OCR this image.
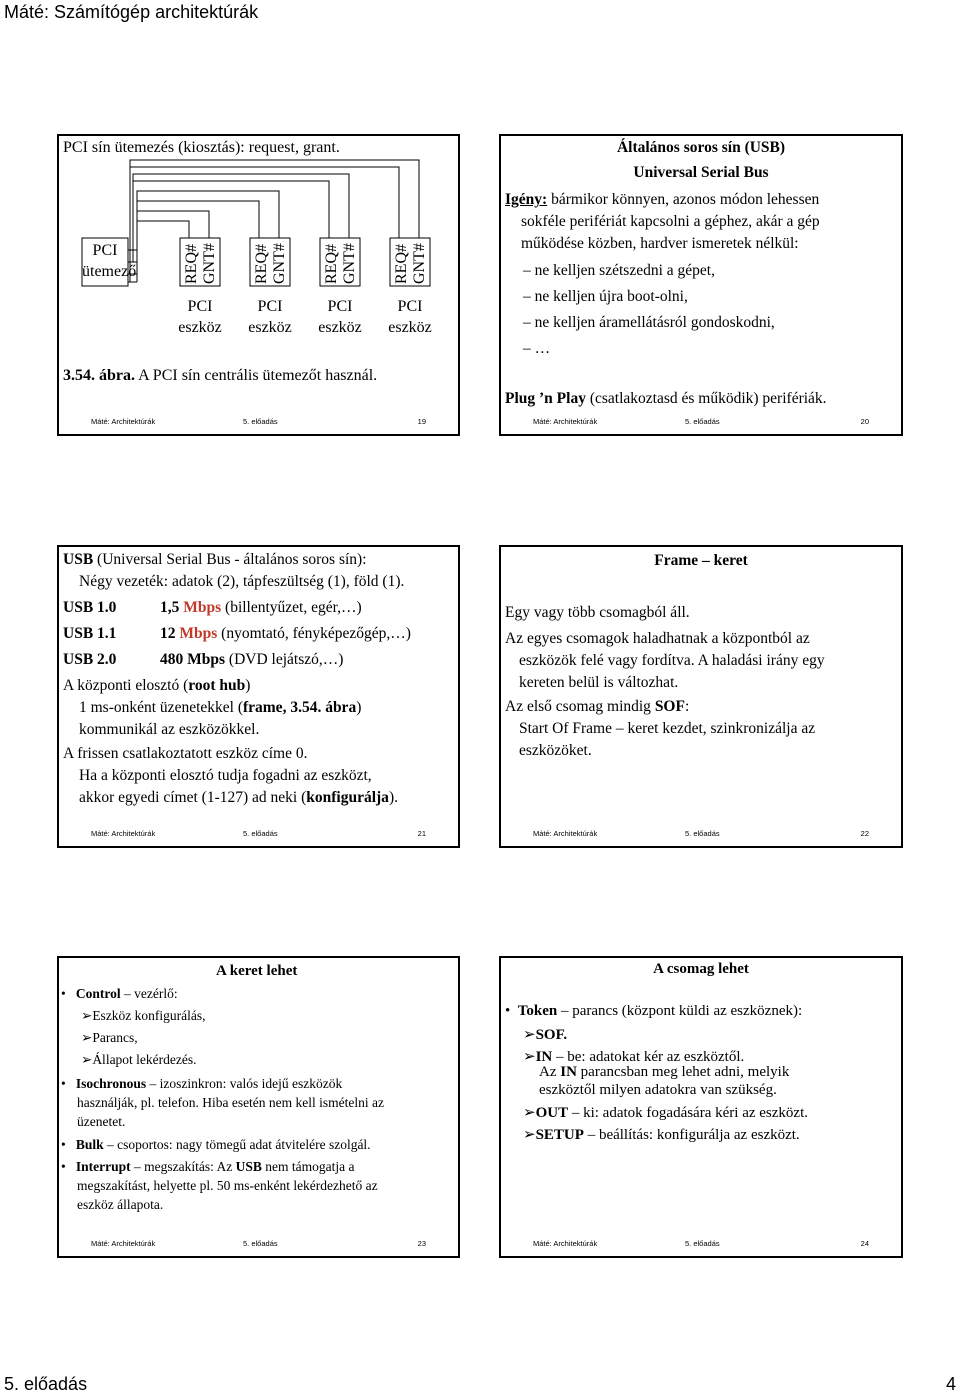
Máté: Számítógép architektúrák
PCI sín ütemezés (kiosztás): request, grant.
PCI
ütemező	REQ#
GNT# REQ#
GNT# REQ#
GNT# REQ#
GNT#
PCI
eszköz
PCI
eszköz
PCI
eszköz
PCI
eszköz
3.54. ábra. A PCI sín centrális ütemezőt használ.
Máté: Architektúrák	5. előadás	19
Általános soros sín (USB)
Universal Serial Bus
Igény: bármikor könnyen, azonos módon lehessen
sokféle perifériát kapcsolni a géphez, akár a gép
működése közben, hardver ismeretek nélkül:
– ne kelljen szétszedni a gépet,
– ne kelljen újra boot-olni,
– ne kelljen áramellátásról gondoskodni,
– …
Plug ’n Play (csatlakoztasd és működik) perifériák.
Máté: Architektúrák	5. előadás	20
USB (Universal Serial Bus - általános soros sín):
Négy vezeték: adatok (2), tápfeszültség (1), föld (1).
USB 1.0	1,5 Mbps (billentyűzet, egér,…)
USB 1.1	12 Mbps (nyomtató, fényképezőgép,…)
USB 2.0	480 Mbps (DVD lejátszó,…)
A központi elosztó (root hub)
1 ms-onként üzenetekkel (frame, 3.54. ábra)
kommunikál az eszközökkel.
A frissen csatlakoztatott eszköz címe 0.
Ha a központi elosztó tudja fogadni az eszközt,
akkor egyedi címet (1-127) ad neki (konfigurálja).
Máté: Architektúrák	5. előadás	21
Frame – keret
Egy vagy több csomagból áll.
Az egyes csomagok haladhatnak a központból az
eszközök felé vagy fordítva. A haladási irány egy
kereten belül is változhat.
Az első csomag mindig SOF:
Start Of Frame – keret kezdet, szinkronizálja az
eszközöket.
Máté: Architektúrák	5. előadás	22
A keret lehet
•   Control – vezérlő:
➢Eszköz konfigurálás,
➢Parancs,
➢Állapot lekérdezés.
•   Isochronous – izoszinkron: valós idejű eszközök
használják, pl. telefon. Hiba esetén nem kell ismételni az
üzenetet.
•   Bulk – csoportos: nagy tömegű adat átvitelére szolgál.
•   Interrupt – megszakítás: Az USB nem támogatja a
megszakítást, helyette pl. 50 ms-enként lekérdezhető az
eszköz állapota.
Máté: Architektúrák	5. előadás	23
A csomag lehet
•  Token – parancs (központ küldi az eszköznek):
➢SOF.
➢IN – be: adatokat kér az eszköztől.
Az IN parancsban meg lehet adni, melyik
eszköztől milyen adatokra van szükség.
➢OUT – ki: adatok fogadására kéri az eszközt.
➢SETUP – beállítás: konfigurálja az eszközt.
Máté: Architektúrák	5. előadás	24
5. előadás	4
